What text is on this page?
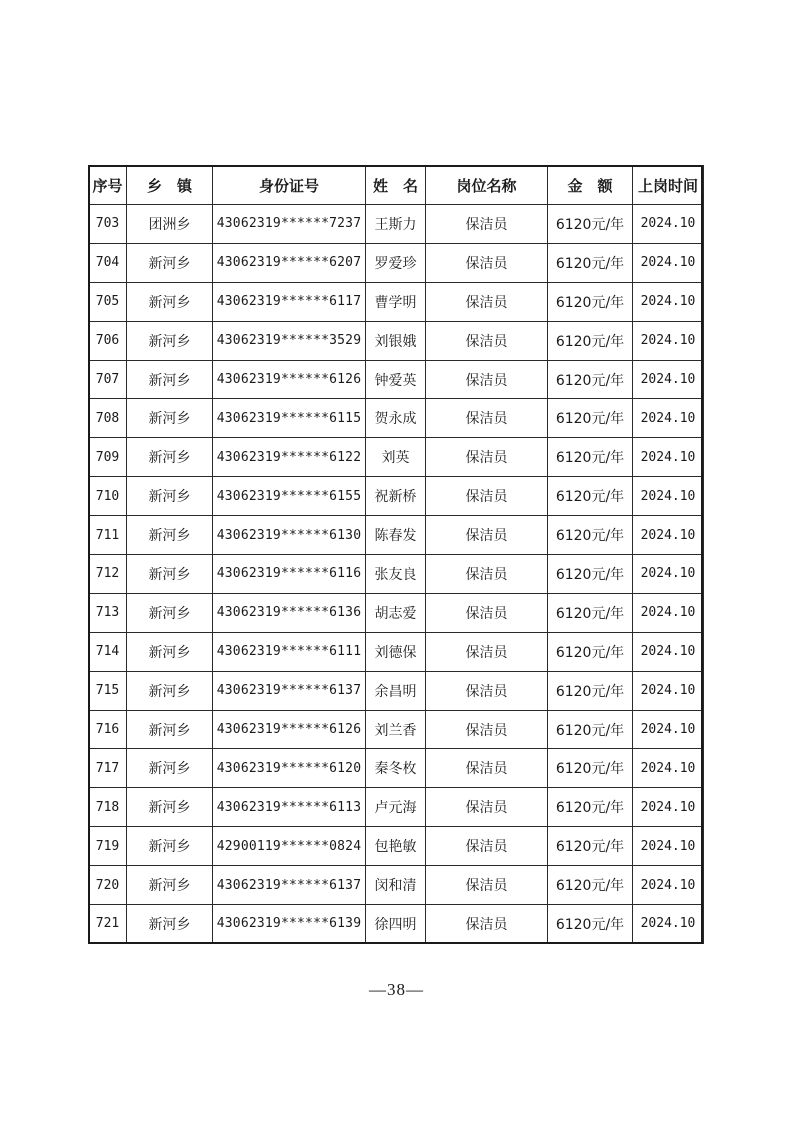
序号	乡　镇	身份证号	姓　名	岗位名称	金　额	上岗时间
703	团洲乡	43062319******7237	王斯力	保洁员	6120元/年	2024.10
704	新河乡	43062319******6207	罗爱珍	保洁员	6120元/年	2024.10
705	新河乡	43062319******6117	曹学明	保洁员	6120元/年	2024.10
706	新河乡	43062319******3529	刘银娥	保洁员	6120元/年	2024.10
707	新河乡	43062319******6126	钟爱英	保洁员	6120元/年	2024.10
708	新河乡	43062319******6115	贺永成	保洁员	6120元/年	2024.10
709	新河乡	43062319******6122	刘英	保洁员	6120元/年	2024.10
710	新河乡	43062319******6155	祝新桥	保洁员	6120元/年	2024.10
711	新河乡	43062319******6130	陈春发	保洁员	6120元/年	2024.10
712	新河乡	43062319******6116	张友良	保洁员	6120元/年	2024.10
713	新河乡	43062319******6136	胡志爱	保洁员	6120元/年	2024.10
714	新河乡	43062319******6111	刘德保	保洁员	6120元/年	2024.10
715	新河乡	43062319******6137	余昌明	保洁员	6120元/年	2024.10
716	新河乡	43062319******6126	刘兰香	保洁员	6120元/年	2024.10
717	新河乡	43062319******6120	秦冬枚	保洁员	6120元/年	2024.10
718	新河乡	43062319******6113	卢元海	保洁员	6120元/年	2024.10
719	新河乡	42900119******0824	包艳敏	保洁员	6120元/年	2024.10
720	新河乡	43062319******6137	闵和清	保洁员	6120元/年	2024.10
721	新河乡	43062319******6139	徐四明	保洁员	6120元/年	2024.10
—38—
